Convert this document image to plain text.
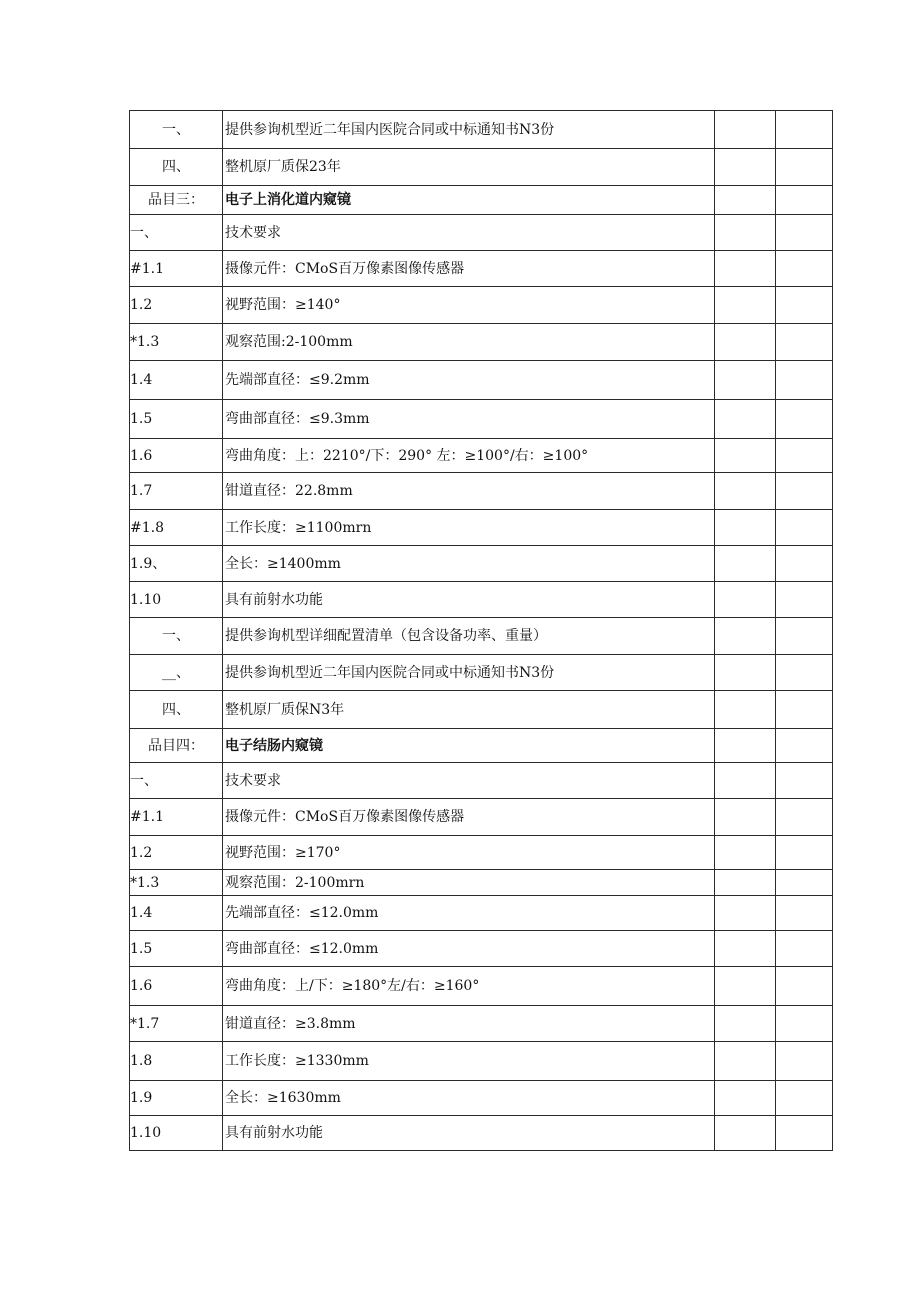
一、	提供参询机型近二年国内医院合同或中标通知书N3份		
四、	整机原厂质保23年		
品目三：	电子上消化道内窥镜		
一、	技术要求		
#1.1	摄像元件：CMoS百万像素图像传感器		
1.2	视野范围：≥140°		
*1.3	观察范围:2-100mm		
1.4	先端部直径：≤9.2mm		
1.5	弯曲部直径：≤9.3mm		
1.6	弯曲角度：上：2210°/下：290° 左：≥100°/右：≥100°		
1.7	钳道直径：22.8mm		
#1.8	工作长度：≥1100mrn		
1.9、	全长：≥1400mm		
1.10	具有前射水功能		
一、	提供参询机型详细配置清单（包含设备功率、重量）		
__、	提供参询机型近二年国内医院合同或中标通知书N3份		
四、	整机原厂质保N3年		
品目四：	电子结肠内窥镜		
一、	技术要求		
#1.1	摄像元件：CMoS百万像素图像传感器		
1.2	视野范围：≥170°		
*1.3	观察范围：2-100mrn		
1.4	先端部直径：≤12.0mm		
1.5	弯曲部直径：≤12.0mm		
1.6	弯曲角度：上/下：≥180°左/右：≥160°		
*1.7	钳道直径：≥3.8mm		
1.8	工作长度：≥1330mm		
1.9	全长：≥1630mm		
1.10	具有前射水功能		
